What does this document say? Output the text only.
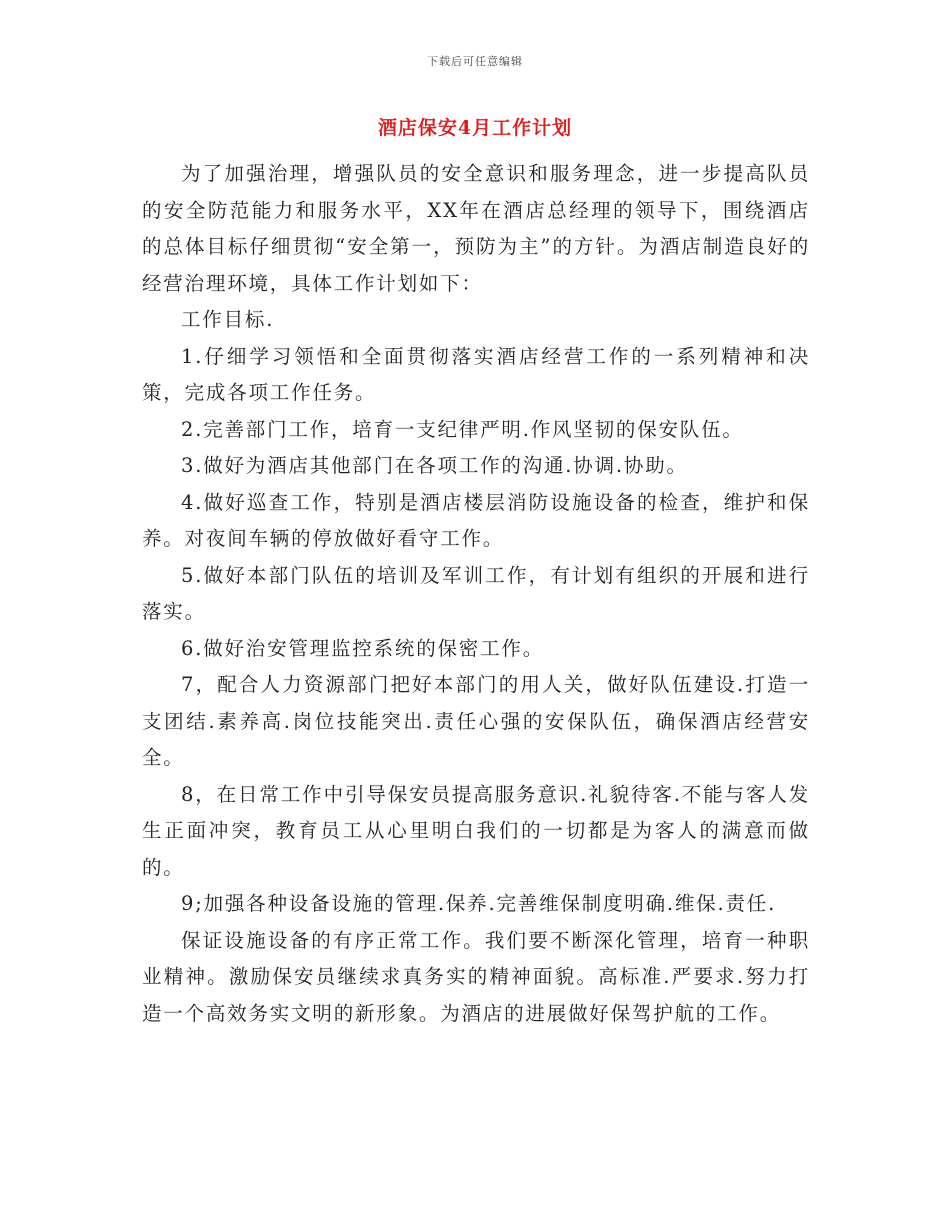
下载后可任意编辑
酒店保安4月工作计划

为了加强治理，增强队员的安全意识和服务理念，进一步提高队员的安全防范能力和服务水平，XX年在酒店总经理的领导下，围绕酒店的总体目标仔细贯彻“安全第一，预防为主”的方针。为酒店制造良好的经营治理环境，具体工作计划如下：

工作目标.

1.仔细学习领悟和全面贯彻落实酒店经营工作的一系列精神和决策，完成各项工作任务。

2.完善部门工作，培育一支纪律严明.作风坚韧的保安队伍。

3.做好为酒店其他部门在各项工作的沟通.协调.协助。

4.做好巡查工作，特别是酒店楼层消防设施设备的检查，维护和保养。对夜间车辆的停放做好看守工作。

5.做好本部门队伍的培训及军训工作，有计划有组织的开展和进行落实。

6.做好治安管理监控系统的保密工作。

7，配合人力资源部门把好本部门的用人关，做好队伍建设.打造一支团结.素养高.岗位技能突出.责任心强的安保队伍，确保酒店经营安全。

8，在日常工作中引导保安员提高服务意识.礼貌待客.不能与客人发生正面冲突，教育员工从心里明白我们的一切都是为客人的满意而做的。

9;加强各种设备设施的管理.保养.完善维保制度明确.维保.责任.

保证设施设备的有序正常工作。我们要不断深化管理，培育一种职业精神。激励保安员继续求真务实的精神面貌。高标准.严要求.努力打造一个高效务实文明的新形象。为酒店的进展做好保驾护航的工作。
